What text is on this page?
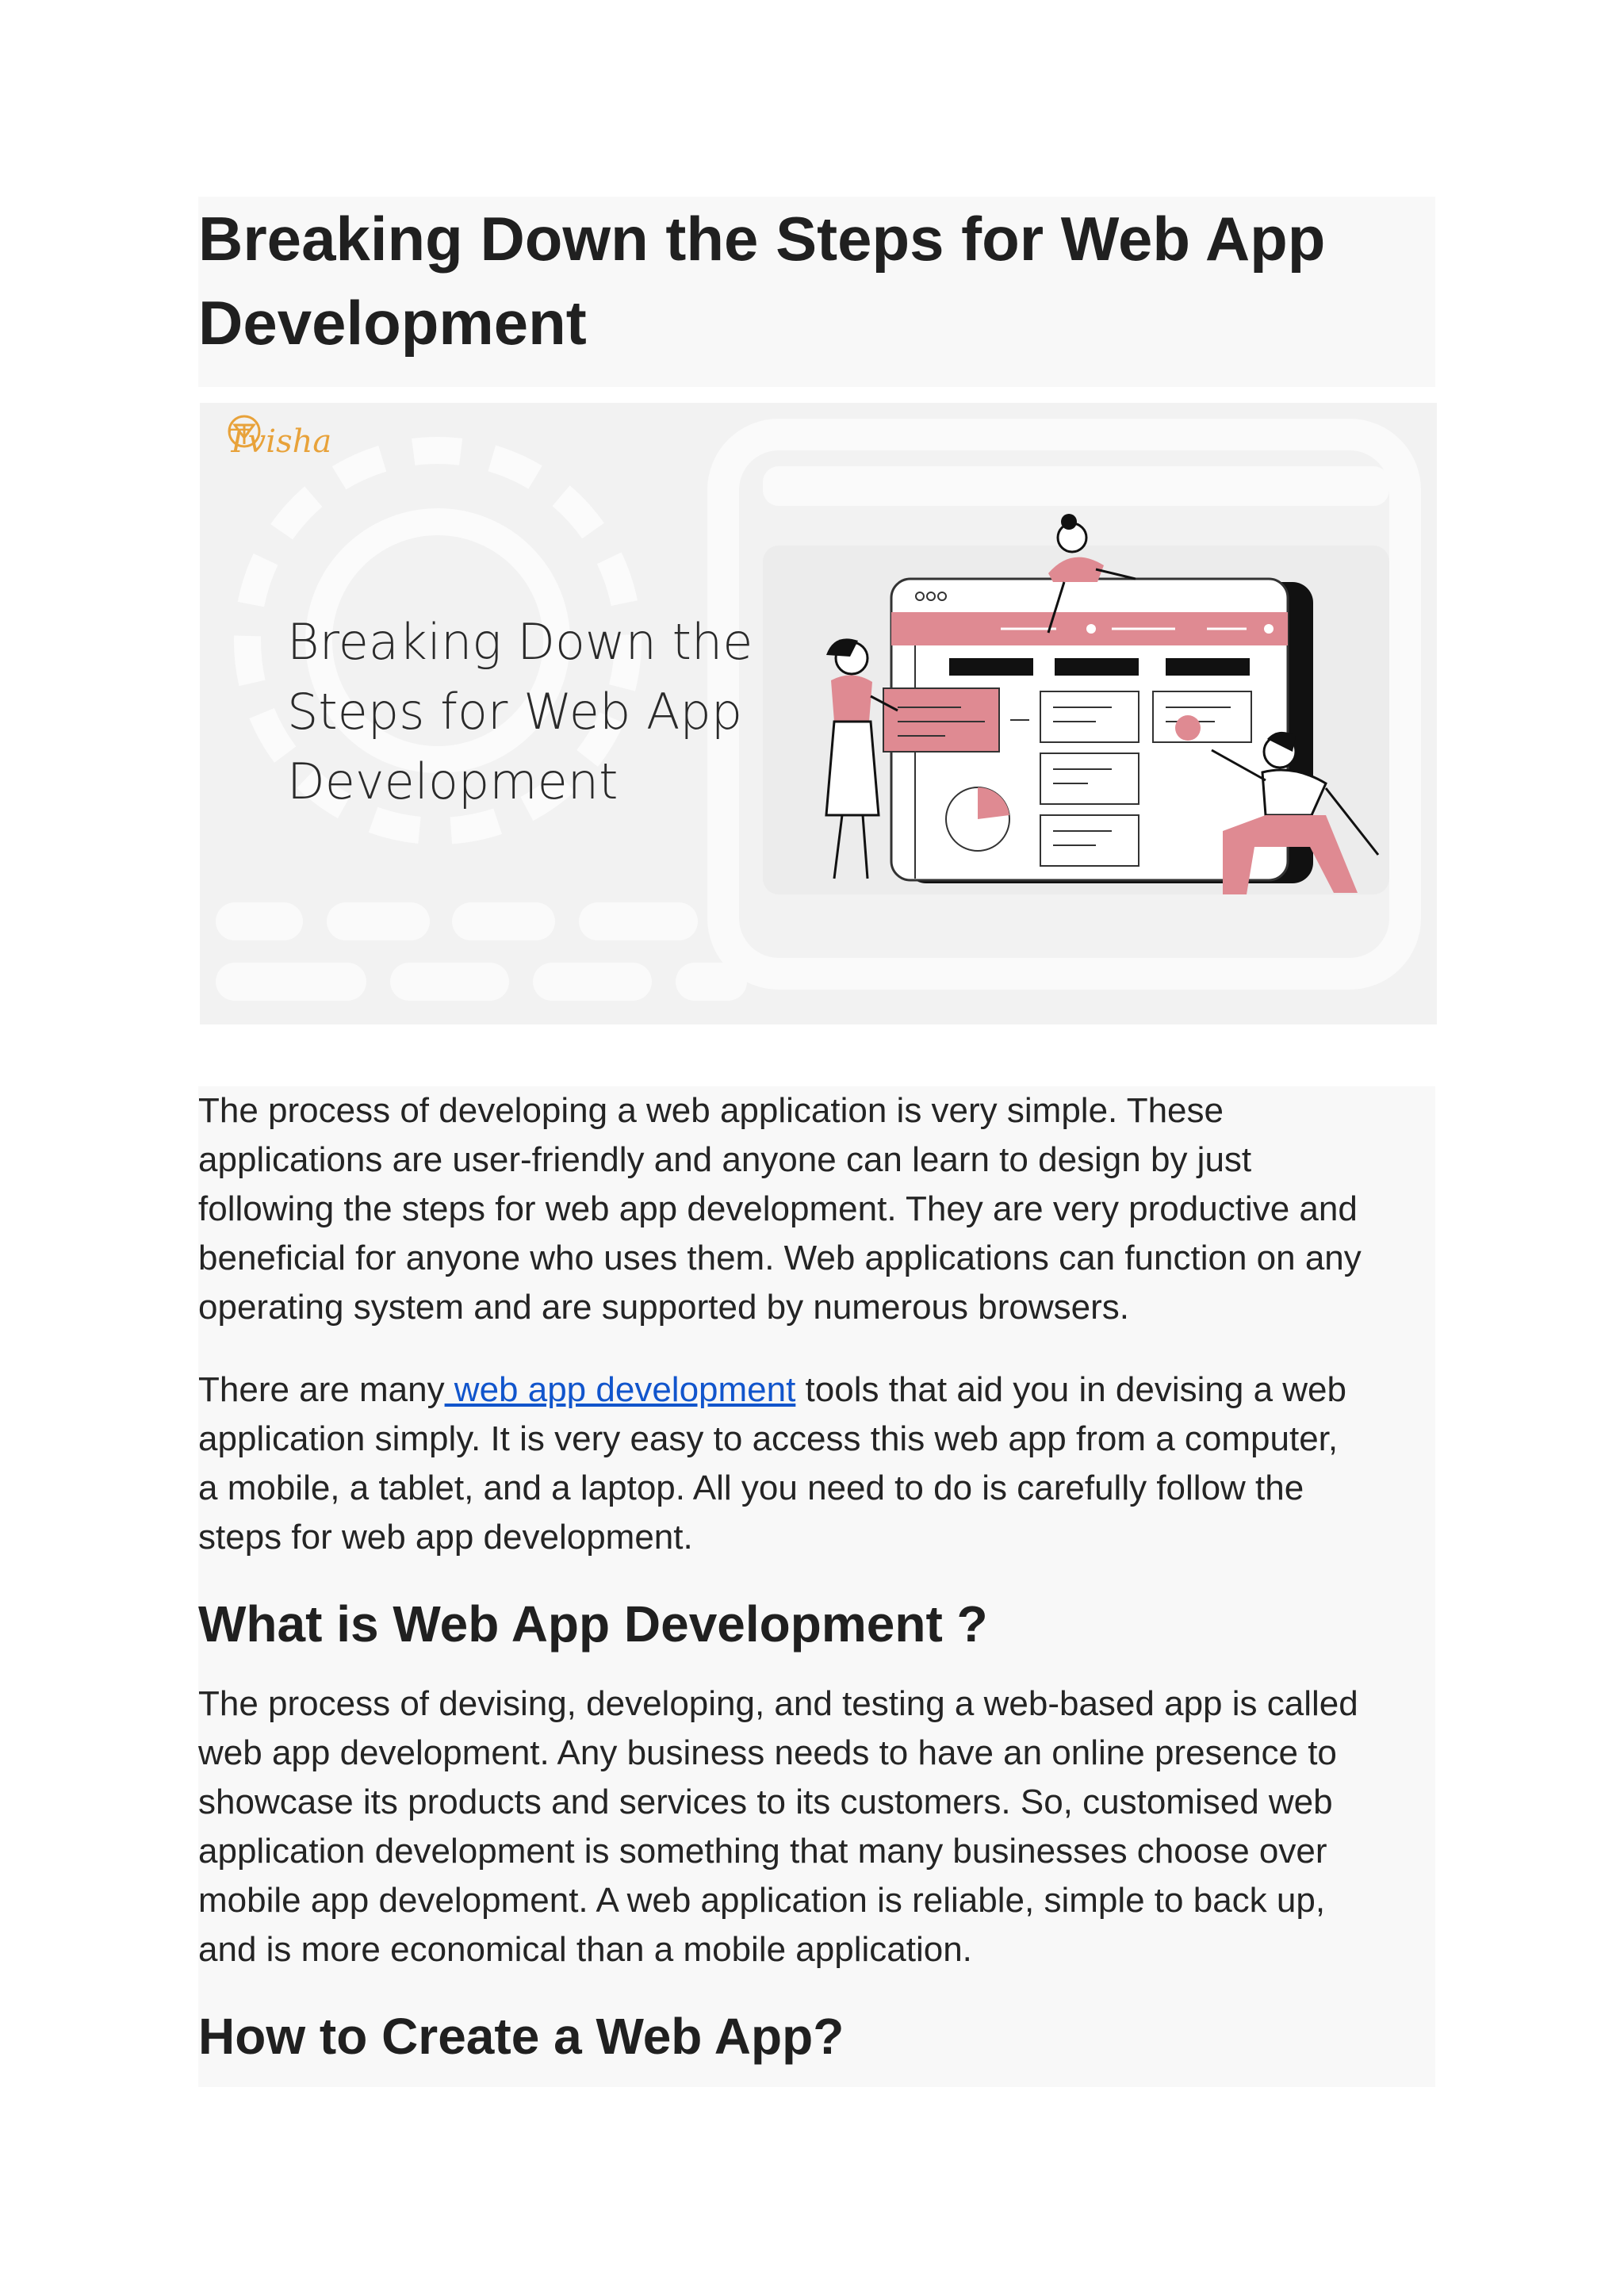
Breaking Down the Steps for Web App
Development
Tvisha
Breaking Down the
Steps for Web App
Development

The process of developing a web application is very simple. These
applications are user-friendly and anyone can learn to design by just
following the steps for web app development. They are very productive and
beneficial for anyone who uses them. Web applications can function on any
operating system and are supported by numerous browsers.

There are many web app development tools that aid you in devising a web
application simply. It is very easy to access this web app from a computer,
a mobile, a tablet, and a laptop. All you need to do is carefully follow the
steps for web app development.

What is Web App Development ?

The process of devising, developing, and testing a web-based app is called
web app development. Any business needs to have an online presence to
showcase its products and services to its customers. So, customised web
application development is something that many businesses choose over
mobile app development. A web application is reliable, simple to back up,
and is more economical than a mobile application.

How to Create a Web App?
